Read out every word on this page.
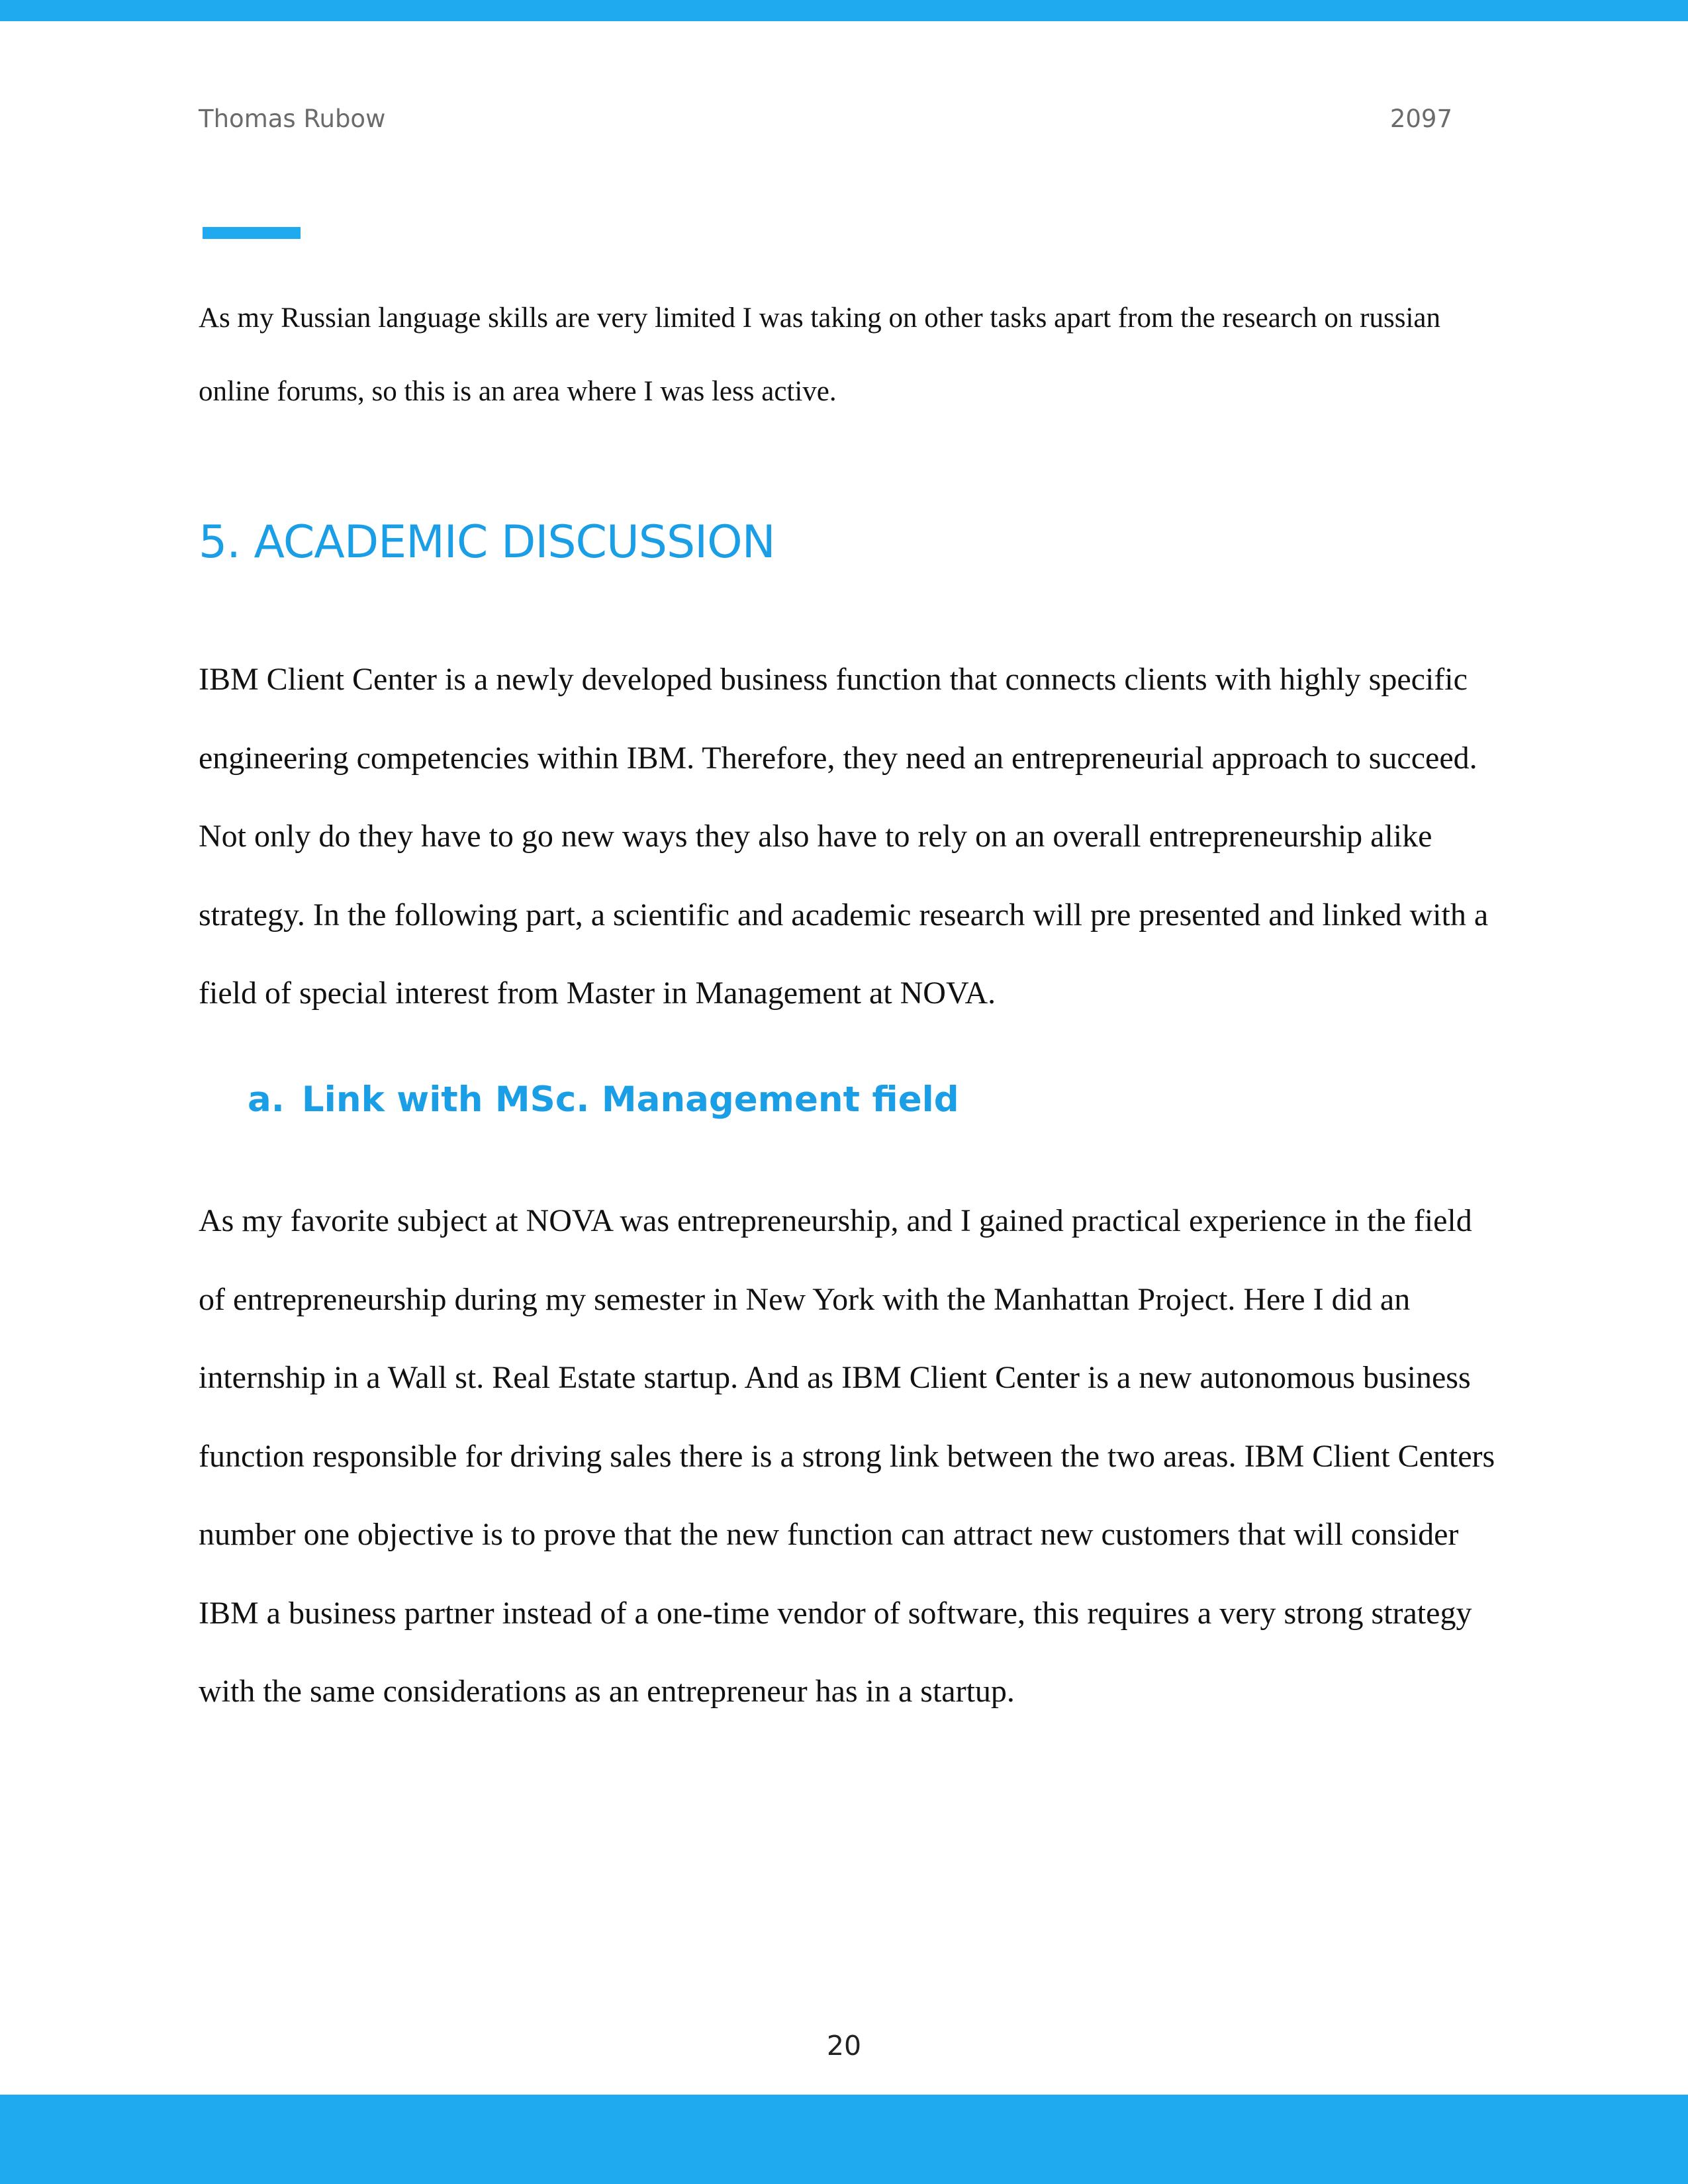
Thomas Rubow	2097

As my Russian language skills are very limited I was taking on other tasks apart from the research on russian online forums, so this is an area where I was less active.

5. ACADEMIC DISCUSSION

IBM Client Center is a newly developed business function that connects clients with highly specific engineering competencies within IBM. Therefore, they need an entrepreneurial approach to succeed. Not only do they have to go new ways they also have to rely on an overall entrepreneurship alike strategy. In the following part, a scientific and academic research will pre presented and linked with a field of special interest from Master in Management at NOVA.

a. Link with MSc. Management field

As my favorite subject at NOVA was entrepreneurship, and I gained practical experience in the field of entrepreneurship during my semester in New York with the Manhattan Project. Here I did an internship in a Wall st. Real Estate startup. And as IBM Client Center is a new autonomous business function responsible for driving sales there is a strong link between the two areas. IBM Client Centers number one objective is to prove that the new function can attract new customers that will consider IBM a business partner instead of a one-time vendor of software, this requires a very strong strategy with the same considerations as an entrepreneur has in a startup.

20
